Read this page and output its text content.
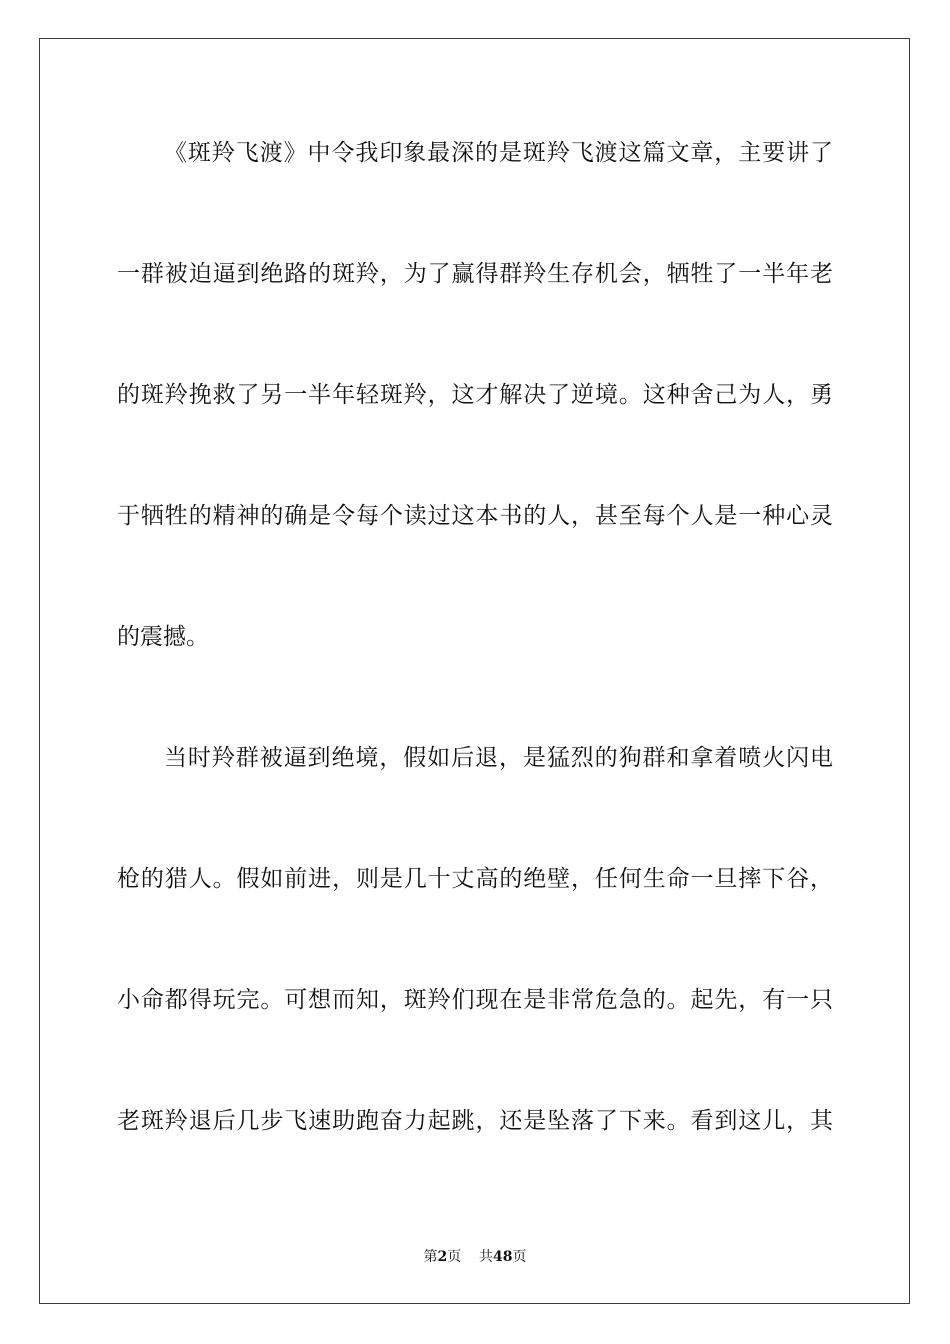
《斑羚飞渡》中令我印象最深的是斑羚飞渡这篇文章，主要讲了

一群被迫逼到绝路的斑羚，为了赢得群羚生存机会，牺牲了一半年老

的斑羚挽救了另一半年轻斑羚，这才解决了逆境。这种舍己为人，勇

于牺牲的精神的确是令每个读过这本书的人，甚至每个人是一种心灵

的震撼。

当时羚群被逼到绝境，假如后退，是猛烈的狗群和拿着喷火闪电

枪的猎人。假如前进，则是几十丈高的绝壁，任何生命一旦摔下谷，

小命都得玩完。可想而知，斑羚们现在是非常危急的。起先，有一只

老斑羚退后几步飞速助跑奋力起跳，还是坠落了下来。看到这儿，其

第2页 共48页
